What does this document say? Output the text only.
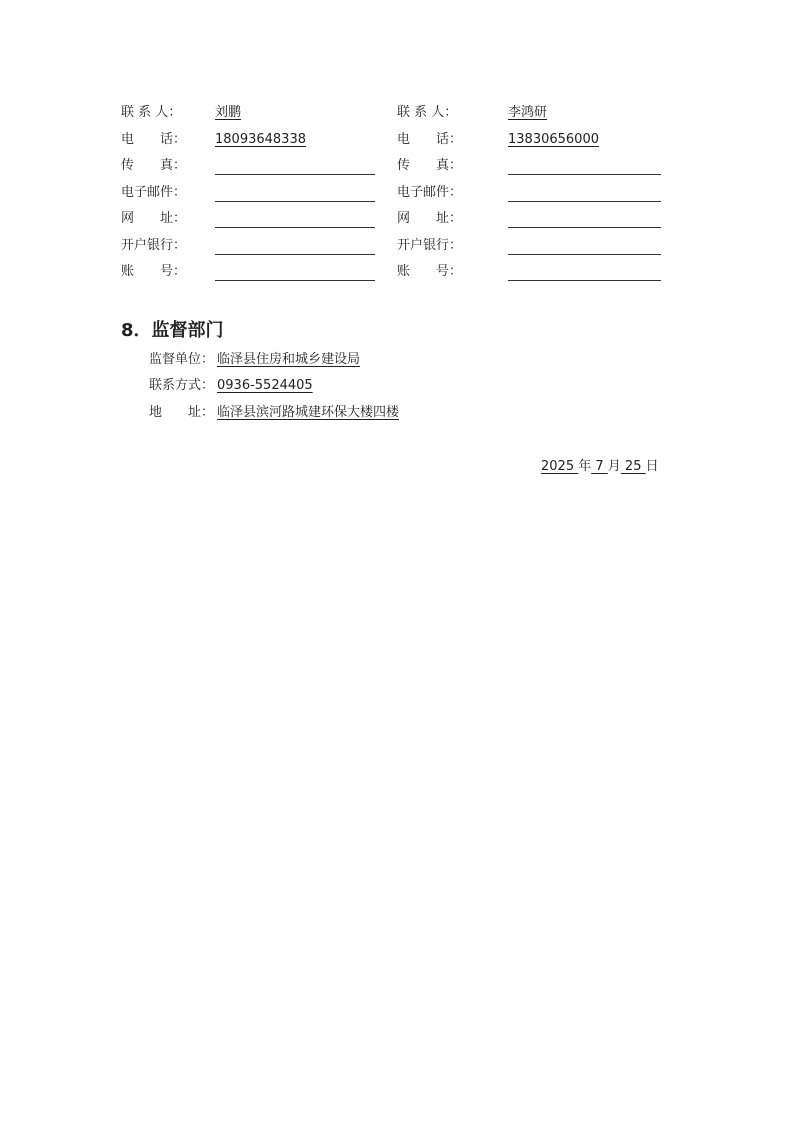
联 系 人：	刘鹏
电　　话： 18093648338
传　　真：
电子邮件：
网　　址：
开户银行：
账　　号：
联 系 人：	李鸿研
电　　话：	13830656000
传　　真：
电子邮件：
网　　址：
开户银行：
账　　号：
8．监督部门
监督单位： 临泽县住房和城乡建设局
联系方式： 0936-5524405
地　　址： 临泽县滨河路城建环保大楼四楼
2025 年 7 月 25 日
